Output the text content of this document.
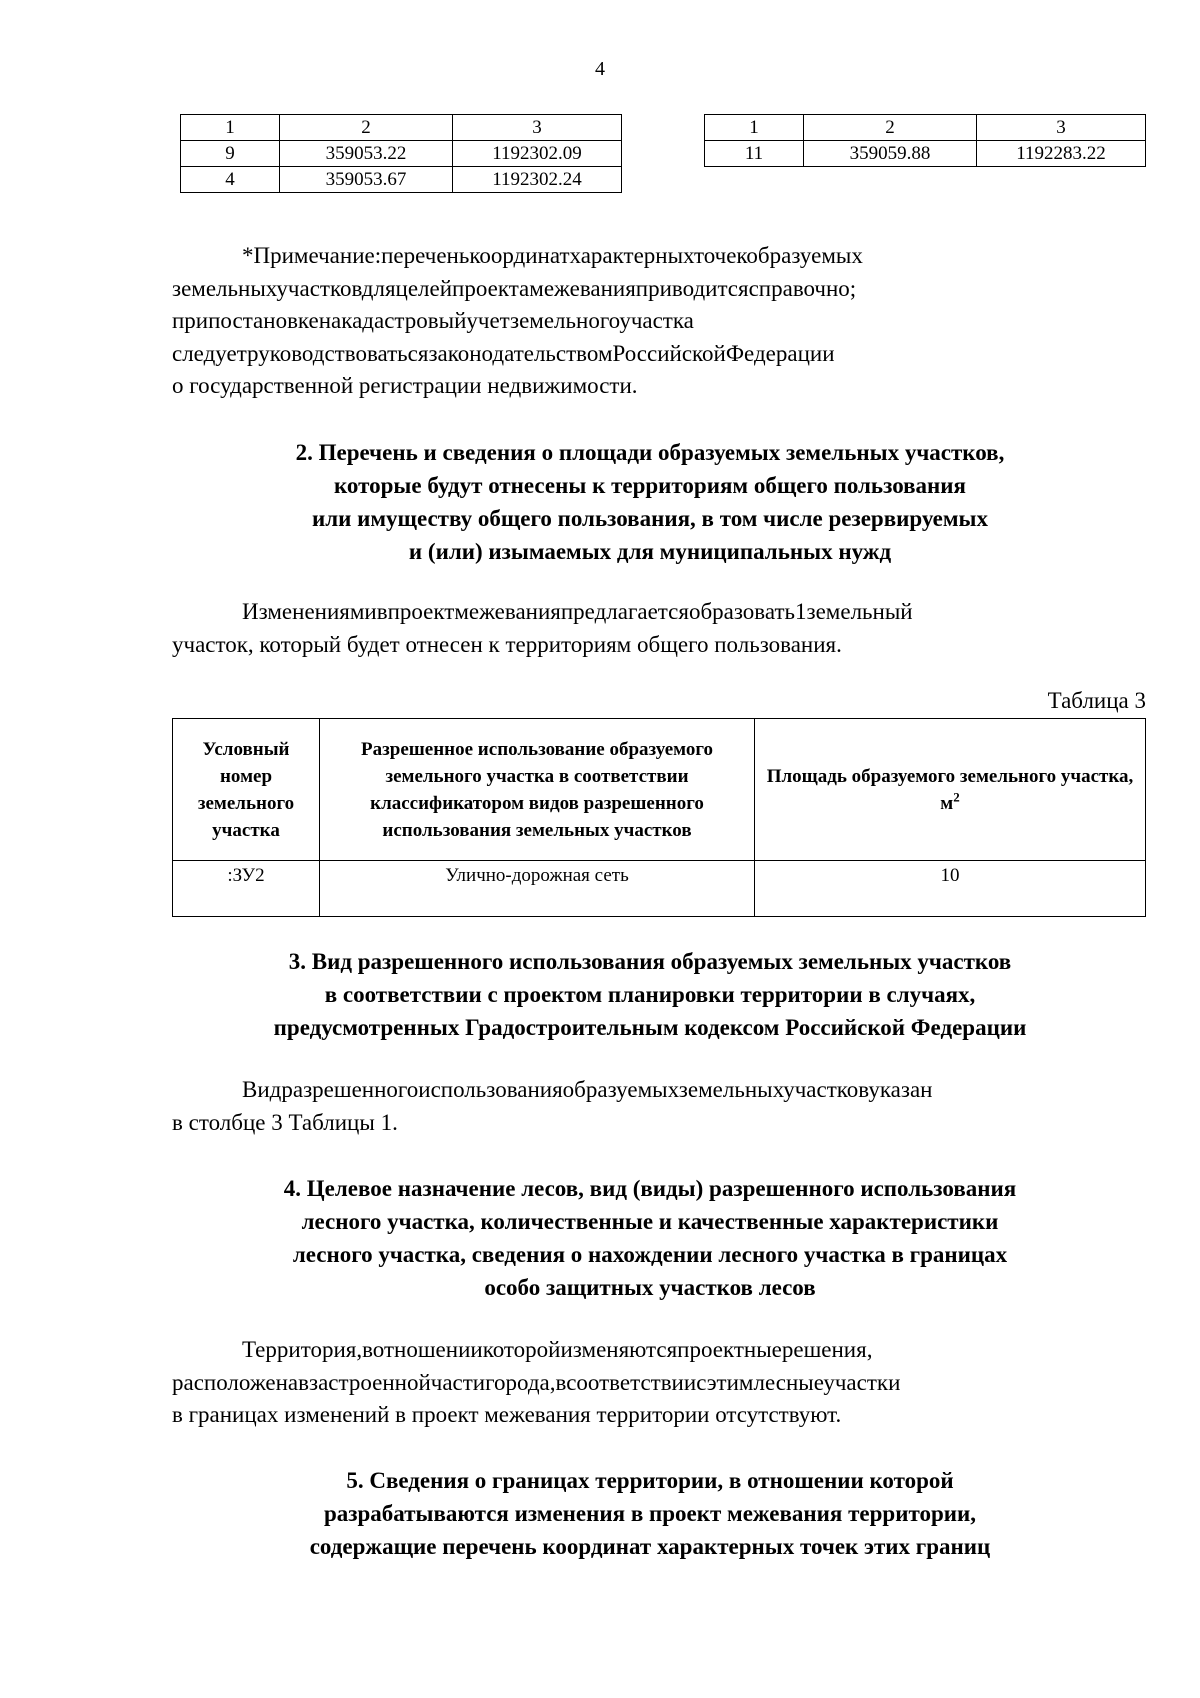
4
1	2	3
9	359053.22	1192302.09
4	359053.67	1192302.24
1	2	3
11	359059.88	1192283.22
*Примечание:переченькоординатхарактерныхточекобразуемых
земельныхучастковдляцелейпроектамежеванияприводитсясправочно;
припостановкенакадастровыйучетземельногоучастка
следуетруководствоватьсязаконодательствомРоссийскойФедерации
о государственной регистрации недвижимости.
2. Перечень и сведения о площади образуемых земельных участков,
которые будут отнесены к территориям общего пользования
или имуществу общего пользования, в том числе резервируемых
и (или) изымаемых для муниципальных нужд
Изменениямивпроектмежеванияпредлагаетсяобразовать1земельный
участок, который будет отнесен к территориям общего пользования.
Таблица 3
Условный номер земельного участка	Разрешенное использование образуемого земельного участка в соответствии классификатором видов разрешенного использования земельных участков	Площадь образуемого земельного участка,
$м^2$
:ЗУ2	Улично-дорожная сеть	10
3. Вид разрешенного использования образуемых земельных участков
в соответствии с проектом планировки территории в случаях,
предусмотренных Градостроительным кодексом Российской Федерации
Видразрешенногоиспользованияобразуемыхземельныхучастковуказан
в столбце 3 Таблицы 1.
4. Целевое назначение лесов, вид (виды) разрешенного использования
лесного участка, количественные и качественные характеристики
лесного участка, сведения о нахождении лесного участка в границах
особо защитных участков лесов
Территория,вотношениикоторойизменяютсяпроектныерешения,
расположенавзастроеннойчастигорода,всоответствиисэтимлесныеучастки
в границах изменений в проект межевания территории отсутствуют.
5. Сведения о границах территории, в отношении которой
разрабатываются изменения в проект межевания территории,
содержащие перечень координат характерных точек этих границ
